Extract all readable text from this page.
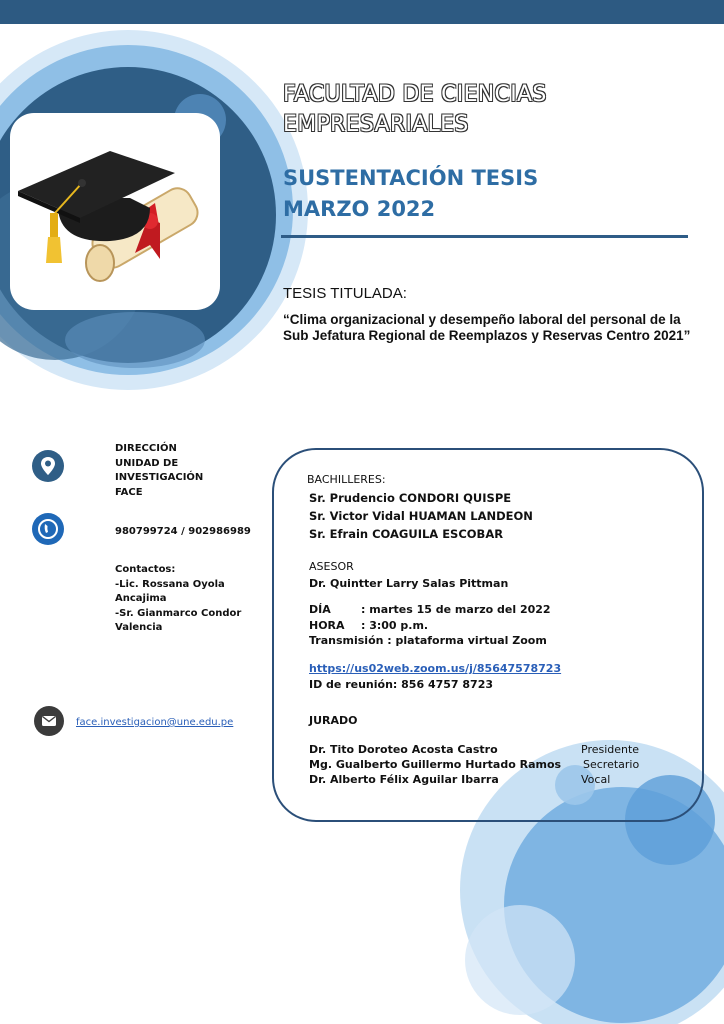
FACULTAD DE CIENCIAS
EMPRESARIALES
SUSTENTACIÓN TESIS
MARZO 2022
TESIS TITULADA:
“Clima organizacional y desempeño laboral del personal de la Sub Jefatura Regional de Reemplazos y Reservas Centro 2021”
DIRECCIÓN
UNIDAD DE
INVESTIGACIÓN
FACE
980799724 / 902986989
Contactos:
-Lic. Rossana Oyola
Ancajima
-Sr. Gianmarco Condor
Valencia
face.investigacion@une.edu.pe
BACHILLERES:
Sr. Prudencio CONDORI QUISPE
Sr. Victor Vidal HUAMAN LANDEON
Sr. Efrain COAGUILA ESCOBAR
ASESOR
Dr. Quintter Larry Salas Pittman
DÍA	: martes 15 de marzo del 2022
HORA	: 3:00 p.m.
Transmisión : plataforma virtual Zoom
https://us02web.zoom.us/j/85647578723
ID de reunión: 856 4757 8723
JURADO
Dr. Tito Doroteo Acosta Castro
Mg. Gualberto Guillermo Hurtado Ramos
Dr. Alberto Félix Aguilar Ibarra
Presidente
Secretario
Vocal
